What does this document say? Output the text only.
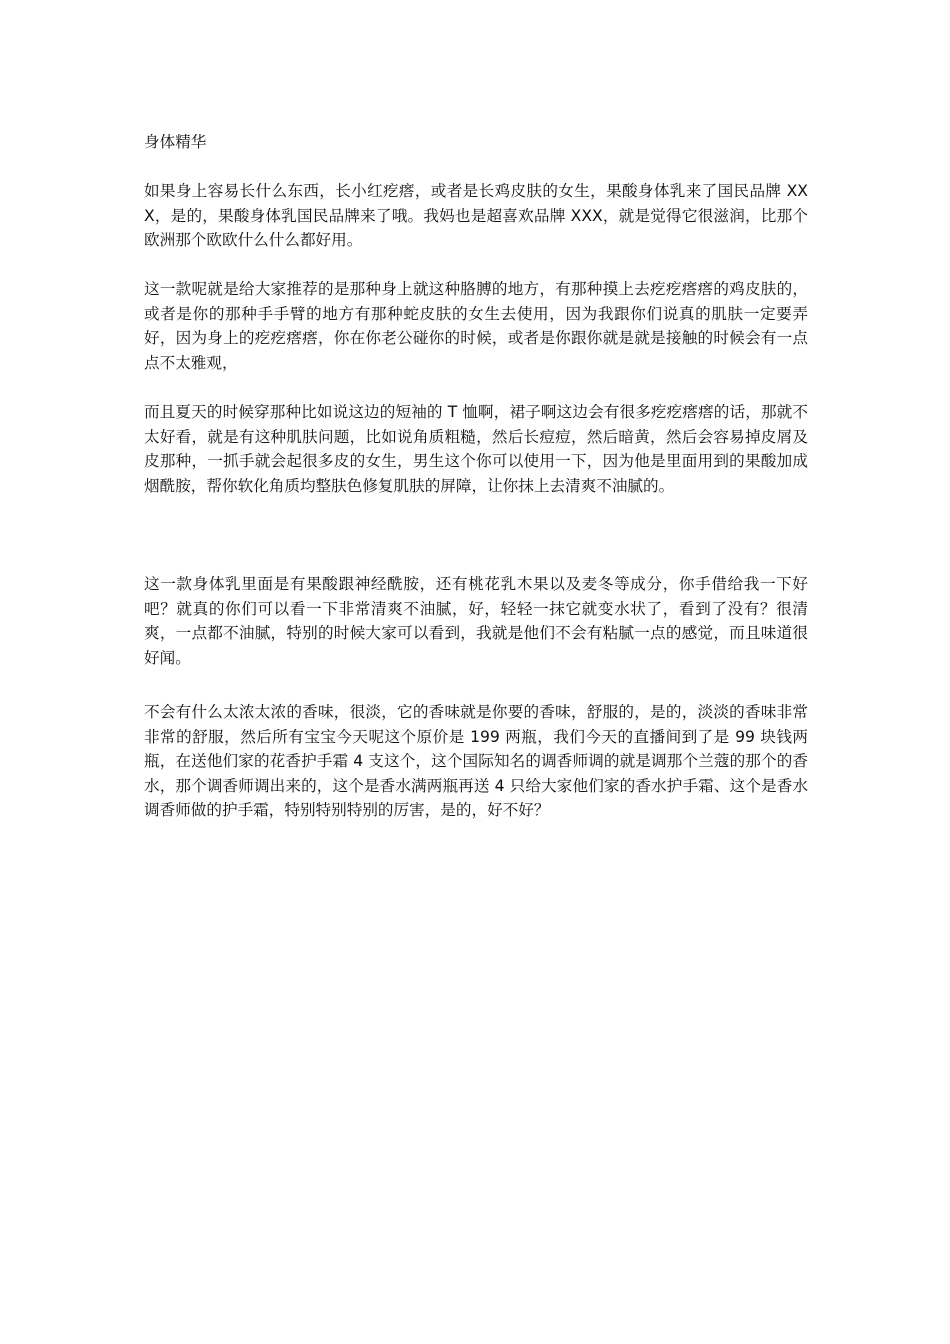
身体精华

如果身上容易长什么东西，长小红疙瘩，或者是长鸡皮肤的女生，果酸身体乳来了国民品牌 XXX，是的，果酸身体乳国民品牌来了哦。我妈也是超喜欢品牌 XXX，就是觉得它很滋润，比那个欧洲那个欧欧什么什么都好用。

这一款呢就是给大家推荐的是那种身上就这种胳膊的地方，有那种摸上去疙疙瘩瘩的鸡皮肤的，或者是你的那种手手臂的地方有那种蛇皮肤的女生去使用，因为我跟你们说真的肌肤一定要弄好，因为身上的疙疙瘩瘩，你在你老公碰你的时候，或者是你跟你就是就是接触的时候会有一点点不太雅观，

而且夏天的时候穿那种比如说这边的短袖的 T 恤啊，裙子啊这边会有很多疙疙瘩瘩的话，那就不太好看，就是有这种肌肤问题，比如说角质粗糙，然后长痘痘，然后暗黄，然后会容易掉皮屑及皮那种，一抓手就会起很多皮的女生，男生这个你可以使用一下，因为他是里面用到的果酸加成烟酰胺，帮你软化角质均整肤色修复肌肤的屏障，让你抹上去清爽不油腻的。

这一款身体乳里面是有果酸跟神经酰胺，还有桃花乳木果以及麦冬等成分，你手借给我一下好吧？就真的你们可以看一下非常清爽不油腻，好，轻轻一抹它就变水状了，看到了没有？很清爽，一点都不油腻，特别的时候大家可以看到，我就是他们不会有粘腻一点的感觉，而且味道很好闻。

不会有什么太浓太浓的香味，很淡，它的香味就是你要的香味，舒服的，是的，淡淡的香味非常非常的舒服，然后所有宝宝今天呢这个原价是 199 两瓶，我们今天的直播间到了是 99 块钱两瓶，在送他们家的花香护手霜 4 支这个，这个国际知名的调香师调的就是调那个兰蔻的那个的香水，那个调香师调出来的，这个是香水满两瓶再送 4 只给大家他们家的香水护手霜、这个是香水调香师做的护手霜，特别特别特别的厉害，是的，好不好？
